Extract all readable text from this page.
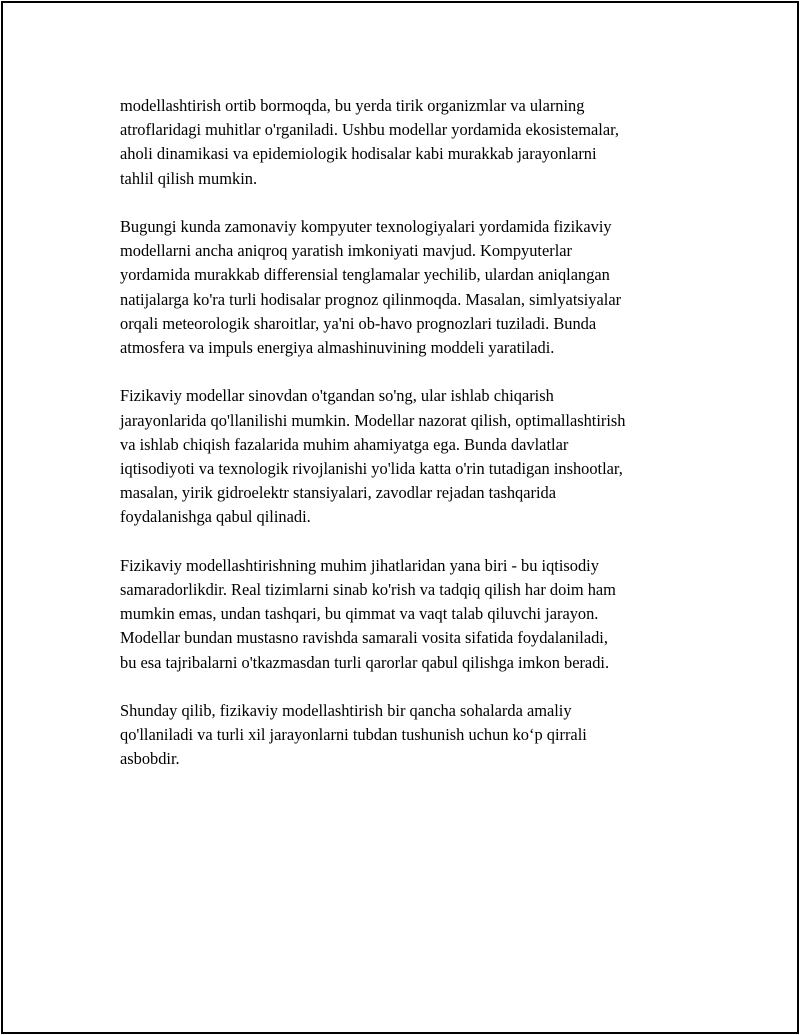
modellashtirish ortib bormoqda, bu yerda tirik organizmlar va ularning
atroflaridagi muhitlar o'rganiladi. Ushbu modellar yordamida ekosistemalar,
aholi dinamikasi va epidemiologik hodisalar kabi murakkab jarayonlarni
tahlil qilish mumkin.

Bugungi kunda zamonaviy kompyuter texnologiyalari yordamida fizikaviy
modellarni ancha aniqroq yaratish imkoniyati mavjud. Kompyuterlar
yordamida murakkab differensial tenglamalar yechilib, ulardan aniqlangan
natijalarga ko'ra turli hodisalar prognoz qilinmoqda. Masalan, simlyatsiyalar
orqali meteorologik sharoitlar, ya'ni ob-havo prognozlari tuziladi. Bunda
atmosfera va impuls energiya almashinuvining moddeli yaratiladi.

Fizikaviy modellar sinovdan o'tgandan so'ng, ular ishlab chiqarish
jarayonlarida qo'llanilishi mumkin. Modellar nazorat qilish, optimallashtirish
va ishlab chiqish fazalarida muhim ahamiyatga ega. Bunda davlatlar
iqtisodiyoti va texnologik rivojlanishi yo'lida katta o'rin tutadigan inshootlar,
masalan, yirik gidroelektr stansiyalari, zavodlar rejadan tashqarida
foydalanishga qabul qilinadi.

Fizikaviy modellashtirishning muhim jihatlaridan yana biri - bu iqtisodiy
samaradorlikdir. Real tizimlarni sinab ko'rish va tadqiq qilish har doim ham
mumkin emas, undan tashqari, bu qimmat va vaqt talab qiluvchi jarayon.
Modellar bundan mustasno ravishda samarali vosita sifatida foydalaniladi,
bu esa tajribalarni o'tkazmasdan turli qarorlar qabul qilishga imkon beradi.

Shunday qilib, fizikaviy modellashtirish bir qancha sohalarda amaliy
qo'llaniladi va turli xil jarayonlarni tubdan tushunish uchun ko‘p qirrali
asbobdir.
